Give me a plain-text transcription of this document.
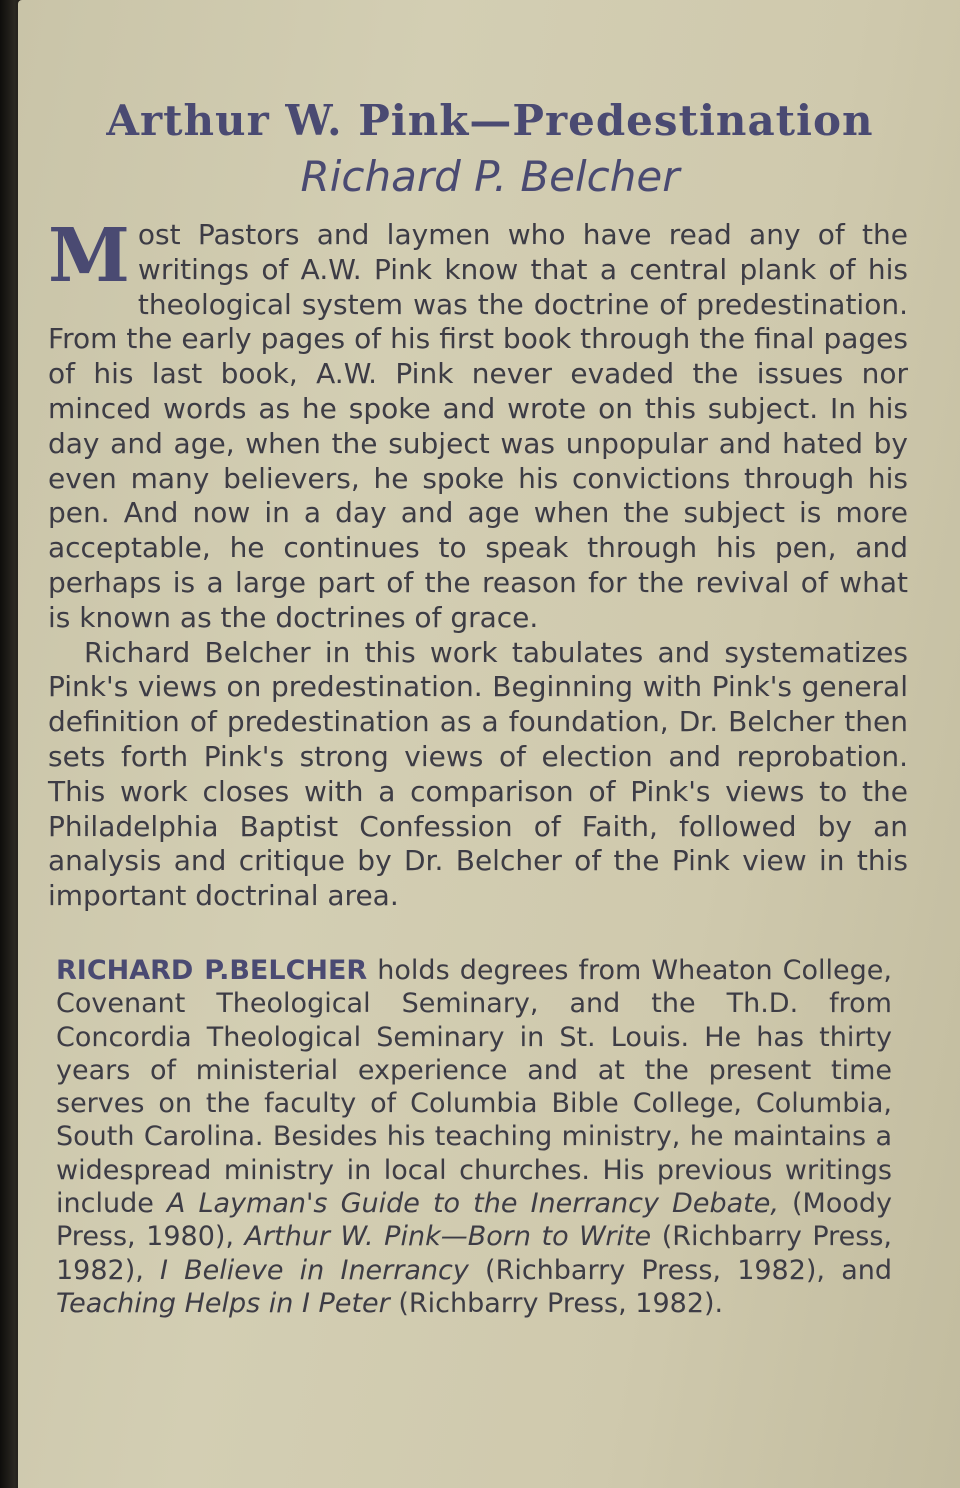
Arthur W. Pink—Predestination
Richard P. Belcher

Most Pastors and laymen who have read any of the writings of A.W. Pink know that a central plank of his theological system was the doctrine of predestination. From the early pages of his first book through the final pages of his last book, A.W. Pink never evaded the issues nor minced words as he spoke and wrote on this subject. In his day and age, when the subject was unpopular and hated by even many believers, he spoke his convictions through his pen. And now in a day and age when the subject is more acceptable, he continues to speak through his pen, and perhaps is a large part of the reason for the revival of what is known as the doctrines of grace.

Richard Belcher in this work tabulates and systematizes Pink's views on predestination. Beginning with Pink's general definition of predestination as a foundation, Dr. Belcher then sets forth Pink's strong views of election and reprobation. This work closes with a comparison of Pink's views to the Philadelphia Baptist Confession of Faith, followed by an analysis and critique by Dr. Belcher of the Pink view in this important doctrinal area.

RICHARD P.BELCHER holds degrees from Wheaton College, Covenant Theological Seminary, and the Th.D. from Concordia Theological Seminary in St. Louis. He has thirty years of ministerial experience and at the present time serves on the faculty of Columbia Bible College, Columbia, South Carolina. Besides his teaching ministry, he maintains a widespread ministry in local churches. His previous writings include A Layman's Guide to the Inerrancy Debate, (Moody Press, 1980), Arthur W. Pink—Born to Write (Richbarry Press, 1982), I Believe in Inerrancy (Richbarry Press, 1982), and Teaching Helps in I Peter (Richbarry Press, 1982).
